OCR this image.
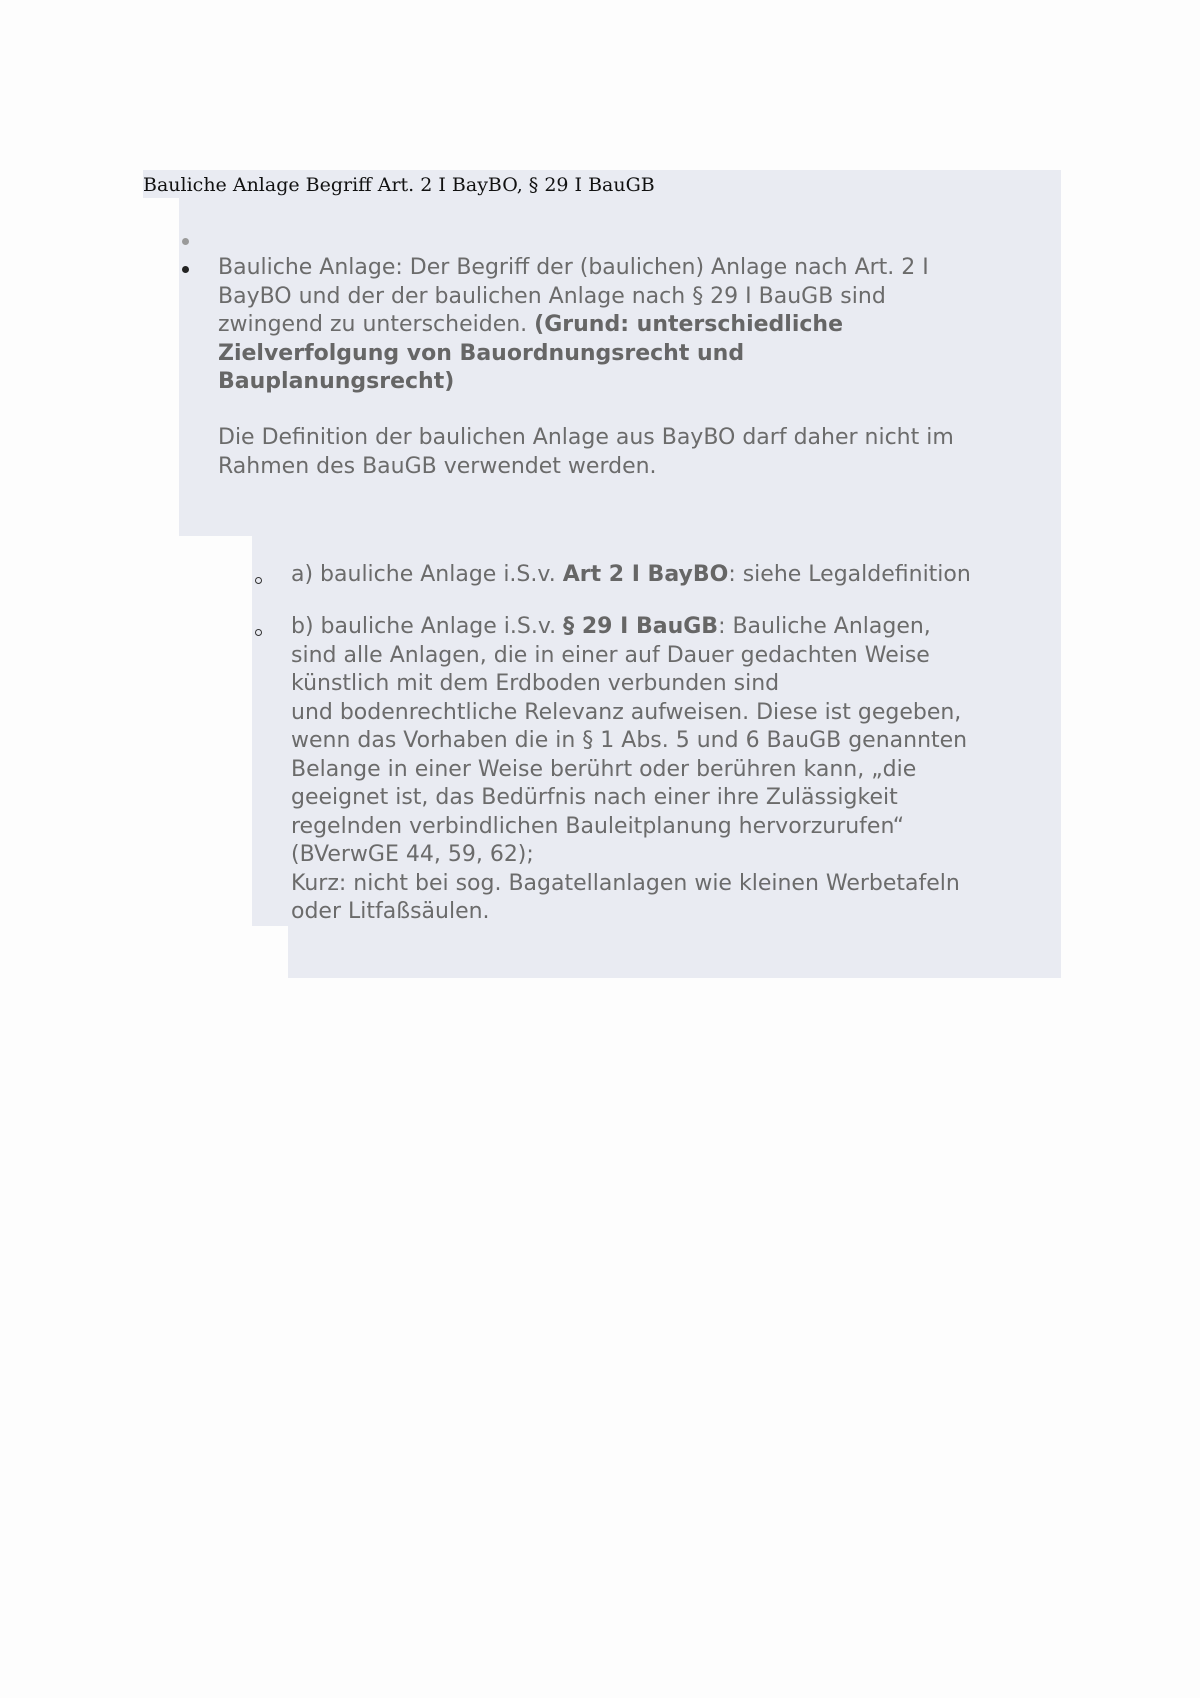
Bauliche Anlage Begriff Art. 2 I BayBO, § 29 I BauGB
Bauliche Anlage: Der Begriff der (baulichen) Anlage nach Art. 2 I
BayBO und der der baulichen Anlage nach § 29 I BauGB sind
zwingend zu unterscheiden. (Grund: unterschiedliche
Zielverfolgung von Bauordnungsrecht und
Bauplanungsrecht)
Die Definition der baulichen Anlage aus BayBO darf daher nicht im
Rahmen des BauGB verwendet werden.
a) bauliche Anlage i.S.v. Art 2 I BayBO: siehe Legaldefinition
b) bauliche Anlage i.S.v. § 29 I BauGB: Bauliche Anlagen,
sind alle Anlagen, die in einer auf Dauer gedachten Weise
künstlich mit dem Erdboden verbunden sind
und bodenrechtliche Relevanz aufweisen. Diese ist gegeben,
wenn das Vorhaben die in § 1 Abs. 5 und 6 BauGB genannten
Belange in einer Weise berührt oder berühren kann, „die
geeignet ist, das Bedürfnis nach einer ihre Zulässigkeit
regelnden verbindlichen Bauleitplanung hervorzurufen“
(BVerwGE 44, 59, 62);
Kurz: nicht bei sog. Bagatellanlagen wie kleinen Werbetafeln
oder Litfaßsäulen.
